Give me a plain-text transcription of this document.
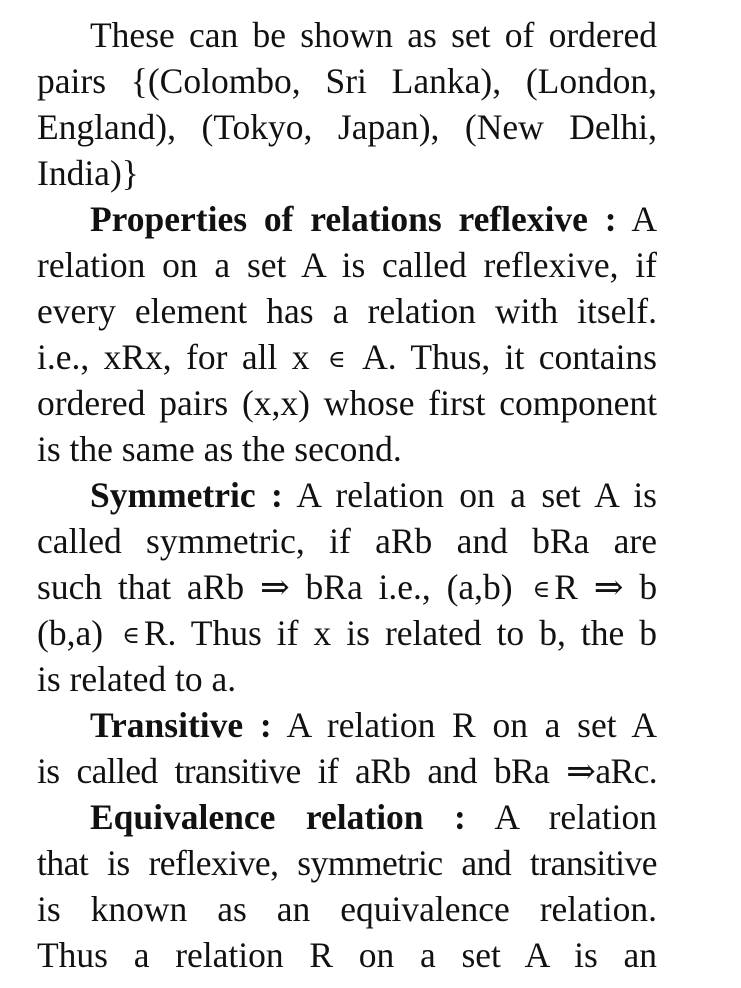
These can be shown as set of ordered
pairs {(Colombo, Sri Lanka), (London,
England), (Tokyo, Japan), (New Delhi,
India)}
Properties of relations reflexive : A
relation on a set A is called reflexive, if
every element has a relation with itself.
i.e., xRx, for all x ∈ A. Thus, it contains
ordered pairs (x,x) whose first component
is the same as the second.
Symmetric : A relation on a set A is
called symmetric, if aRb and bRa are
such that aRb ⇒ bRa i.e., (a,b) ∈ R ⇒ b
(b,a) ∈ R. Thus if x is related to b, the b
is related to a.
Transitive : A relation R on a set A
is called transitive if aRb and bRa ⇒aRc.
Equivalence relation : A relation
that is reflexive, symmetric and transitive
is known as an equivalence relation.
Thus a relation R on a set A is an
